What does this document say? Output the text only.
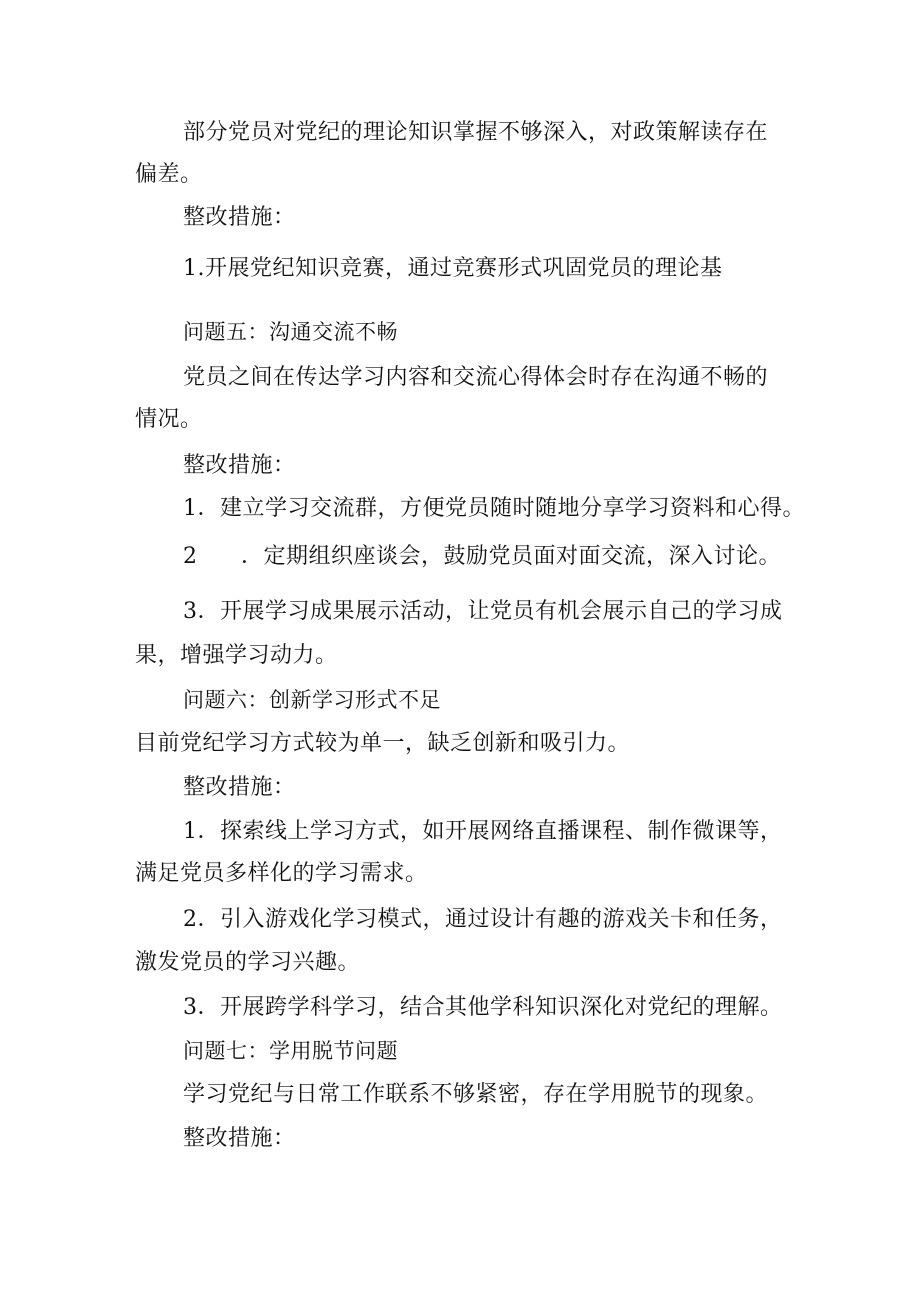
部分党员对党纪的理论知识掌握不够深入，对政策解读存在
偏差。
整改措施：
1.开展党纪知识竞赛，通过竞赛形式巩固党员的理论基
问题五：沟通交流不畅
党员之间在传达学习内容和交流心得体会时存在沟通不畅的
情况。
整改措施：
1．建立学习交流群，方便党员随时随地分享学习资料和心得。
2 ．定期组织座谈会，鼓励党员面对面交流，深入讨论。
3．开展学习成果展示活动，让党员有机会展示自己的学习成
果，增强学习动力。
问题六：创新学习形式不足
目前党纪学习方式较为单一，缺乏创新和吸引力。
整改措施：
1．探索线上学习方式，如开展网络直播课程、制作微课等，
满足党员多样化的学习需求。
2．引入游戏化学习模式，通过设计有趣的游戏关卡和任务，
激发党员的学习兴趣。
3．开展跨学科学习，结合其他学科知识深化对党纪的理解。
问题七：学用脱节问题
学习党纪与日常工作联系不够紧密，存在学用脱节的现象。
整改措施：
